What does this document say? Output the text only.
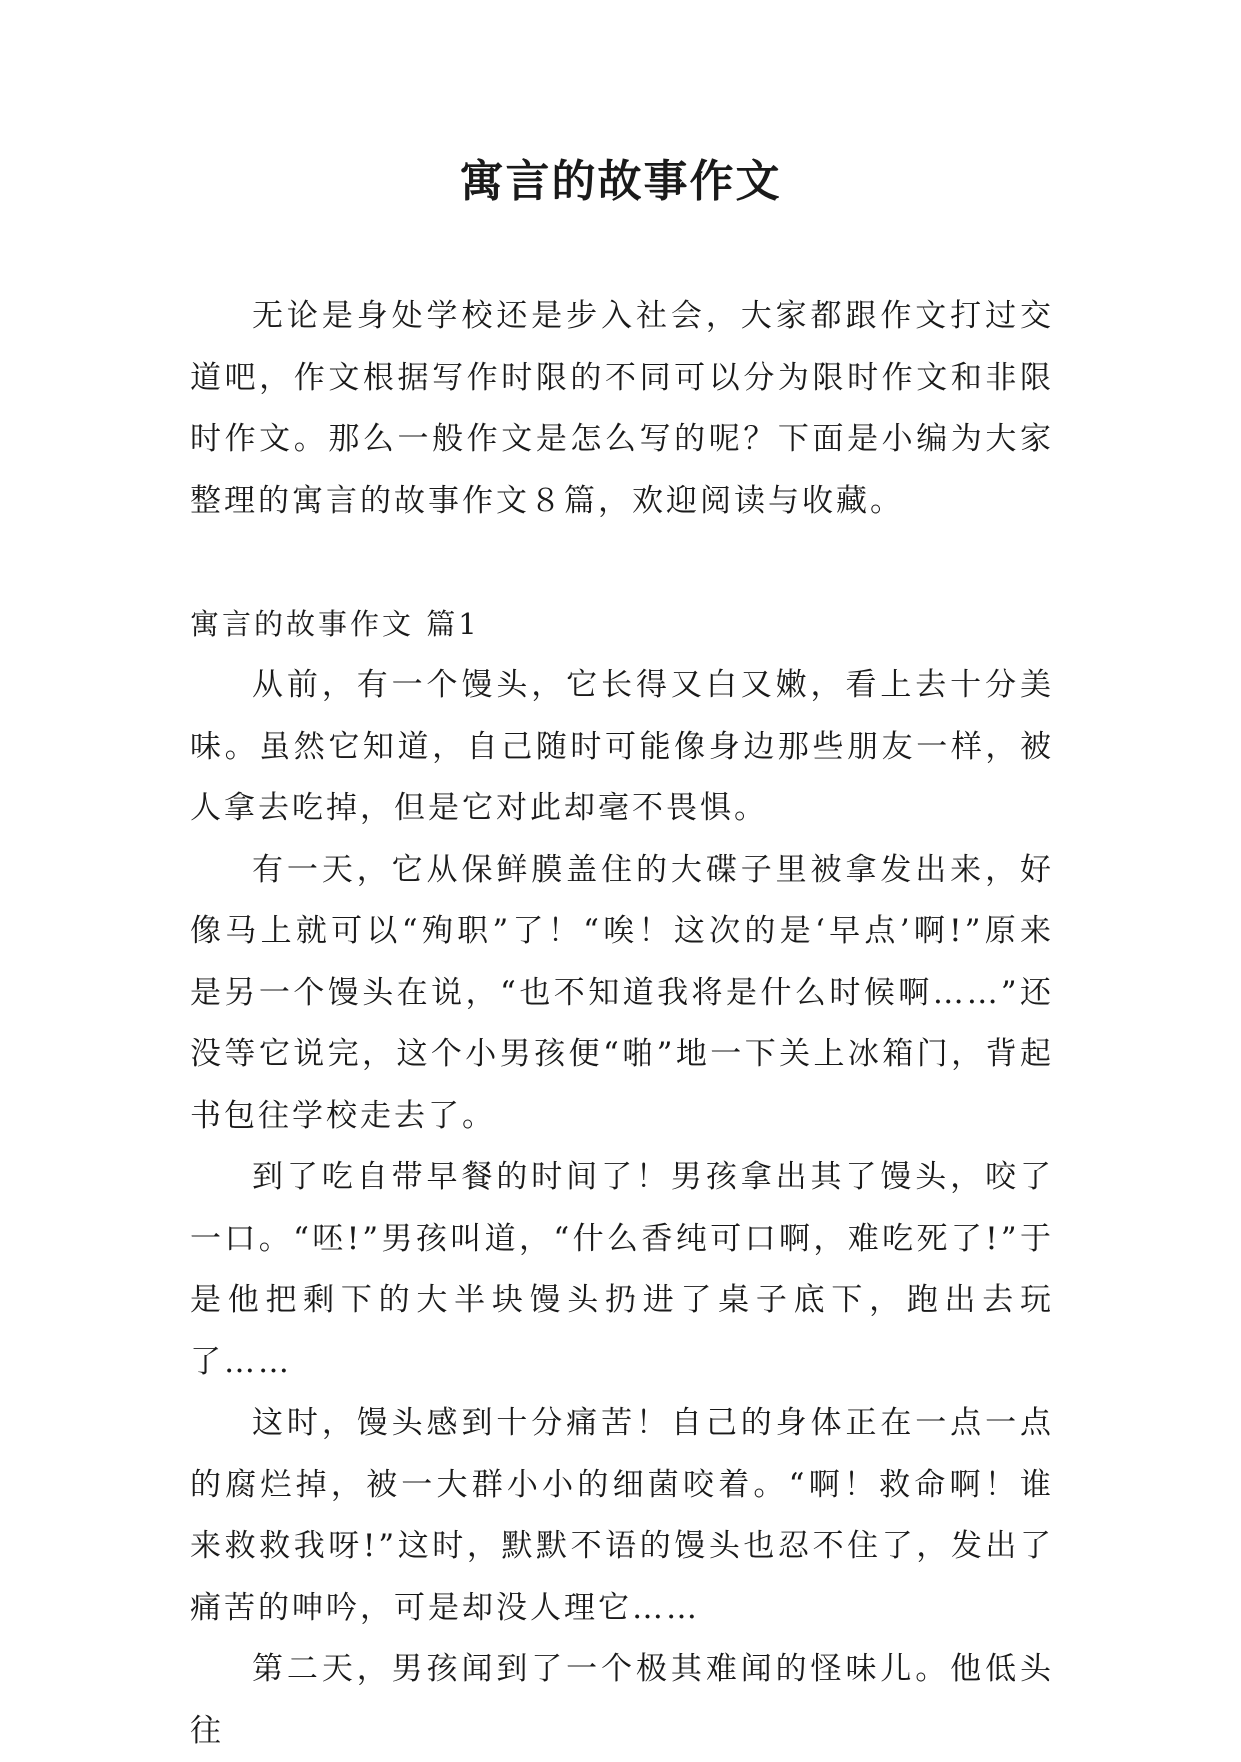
寓言的故事作文

无论是身处学校还是步入社会，大家都跟作文打过交道吧，作文根据写作时限的不同可以分为限时作文和非限时作文。那么一般作文是怎么写的呢？下面是小编为大家整理的寓言的故事作文８篇，欢迎阅读与收藏。

寓言的故事作文 篇1

从前，有一个馒头，它长得又白又嫩，看上去十分美味。虽然它知道，自己随时可能像身边那些朋友一样，被人拿去吃掉，但是它对此却毫不畏惧。

有一天，它从保鲜膜盖住的大碟子里被拿发出来，好像马上就可以“殉职”了！“唉！这次的是‘早点’啊!”原来是另一个馒头在说，“也不知道我将是什么时候啊……”还没等它说完，这个小男孩便“啪”地一下关上冰箱门，背起书包往学校走去了。

到了吃自带早餐的时间了！男孩拿出其了馒头，咬了一口。“呸!”男孩叫道，“什么香纯可口啊，难吃死了!”于是他把剩下的大半块馒头扔进了桌子底下，跑出去玩了……

这时，馒头感到十分痛苦！自己的身体正在一点一点的腐烂掉，被一大群小小的细菌咬着。“啊！救命啊！谁来救救我呀!”这时，默默不语的馒头也忍不住了，发出了痛苦的呻吟，可是却没人理它……

第二天，男孩闻到了一个极其难闻的怪味儿。他低头往
